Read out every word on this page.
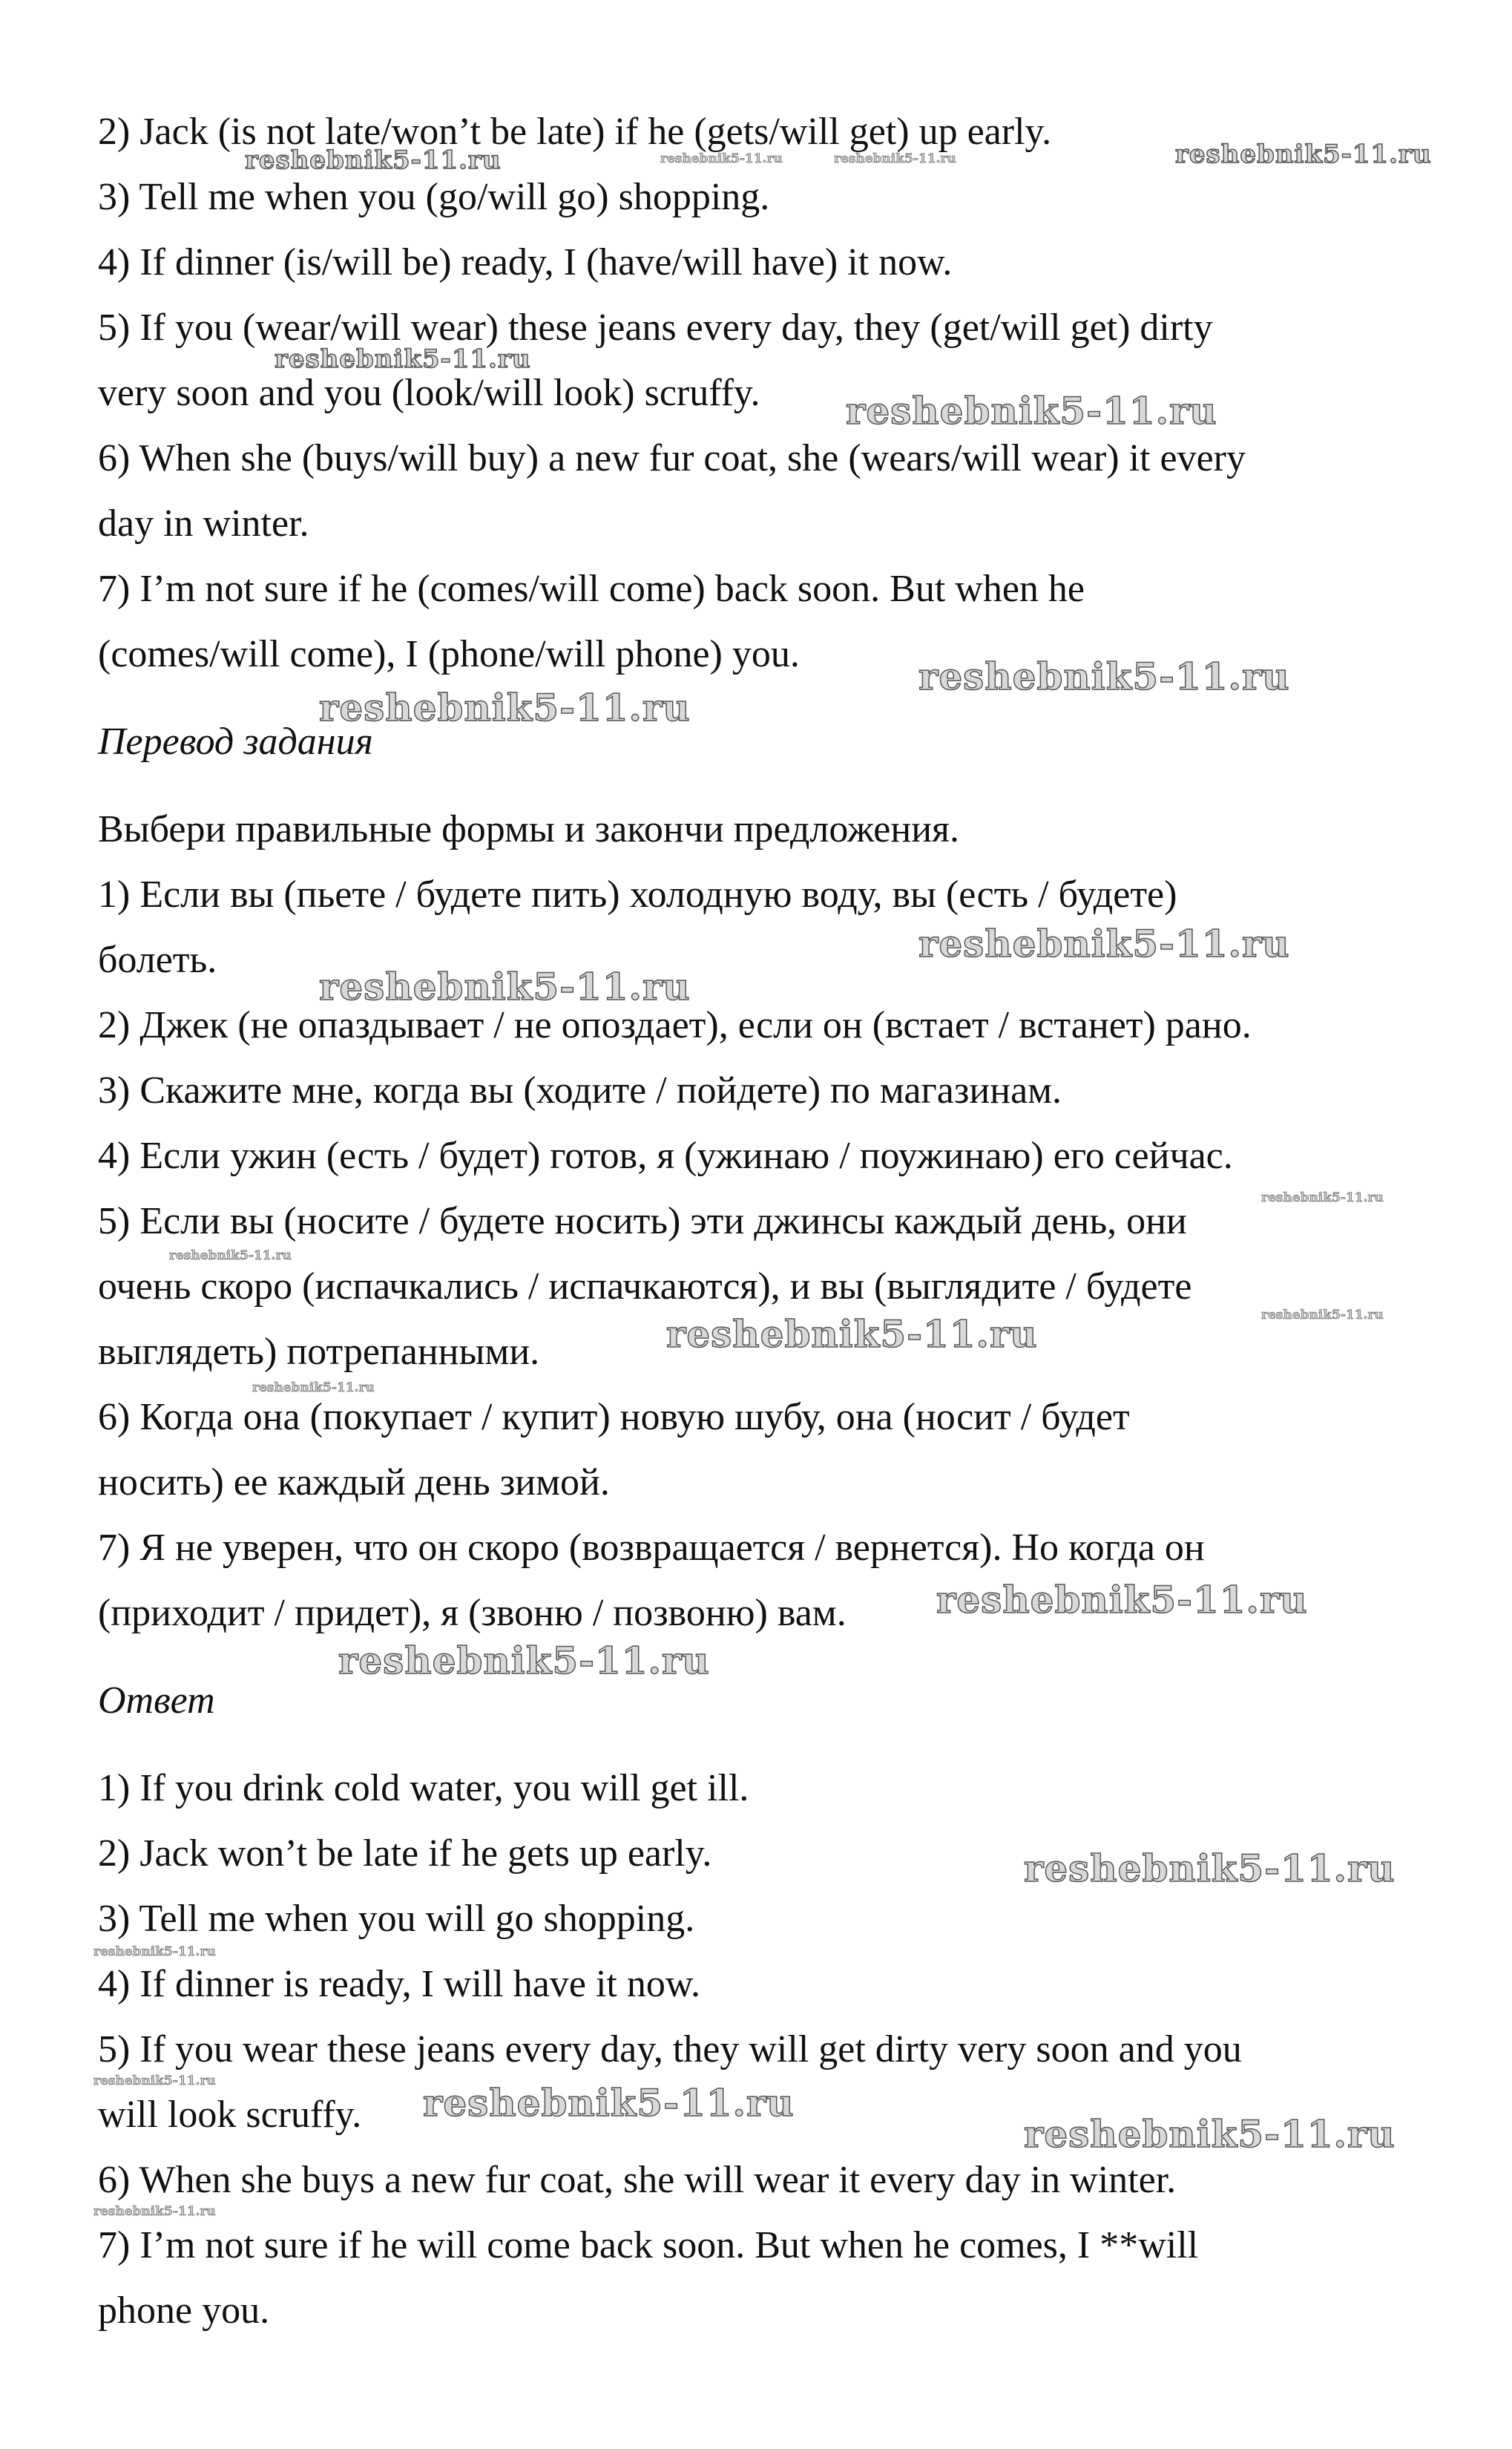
2) Jack (is not late/won’t be late) if he (gets/will get) up early.
3) Tell me when you (go/will go) shopping.
4) If dinner (is/will be) ready, I (have/will have) it now.
5) If you (wear/will wear) these jeans every day, they (get/will get) dirty
very soon and you (look/will look) scruffy.
6) When she (buys/will buy) a new fur coat, she (wears/will wear) it every
day in winter.
7) I’m not sure if he (comes/will come) back soon. But when he
(comes/will come), I (phone/will phone) you.
Перевод задания
Выбери правильные формы и закончи предложения.
1) Если вы (пьете / будете пить) холодную воду, вы (есть / будете)
болеть.
2) Джек (не опаздывает / не опоздает), если он (встает / встанет) рано.
3) Скажите мне, когда вы (ходите / пойдете) по магазинам.
4) Если ужин (есть / будет) готов, я (ужинаю / поужинаю) его сейчас.
5) Если вы (носите / будете носить) эти джинсы каждый день, они
очень скоро (испачкались / испачкаются), и вы (выглядите / будете
выглядеть) потрепанными.
6) Когда она (покупает / купит) новую шубу, она (носит / будет
носить) ее каждый день зимой.
7) Я не уверен, что он скоро (возвращается / вернется). Но когда он
(приходит / придет), я (звоню / позвоню) вам.
Ответ
1) If you drink cold water, you will get ill.
2) Jack won’t be late if he gets up early.
3) Tell me when you will go shopping.
4) If dinner is ready, I will have it now.
5) If you wear these jeans every day, they will get dirty very soon and you
will look scruffy.
6) When she buys a new fur coat, she will wear it every day in winter.
7) I’m not sure if he will come back soon. But when he comes, I **will
phone you.
reshebnik5-11.ru	reshebnik5-11.ru	reshebnik5-11.ru	reshebnik5-11.ru
reshebnik5-11.ru
reshebnik5-11.ru
reshebnik5-11.ru
reshebnik5-11.ru
reshebnik5-11.ru
reshebnik5-11.ru
reshebnik5-11.ru
reshebnik5-11.ru
reshebnik5-11.ru
reshebnik5-11.ru
reshebnik5-11.ru
reshebnik5-11.ru
reshebnik5-11.ru
reshebnik5-11.ru
reshebnik5-11.ru
reshebnik5-11.ru	reshebnik5-11.ru
reshebnik5-11.ru
reshebnik5-11.ru
